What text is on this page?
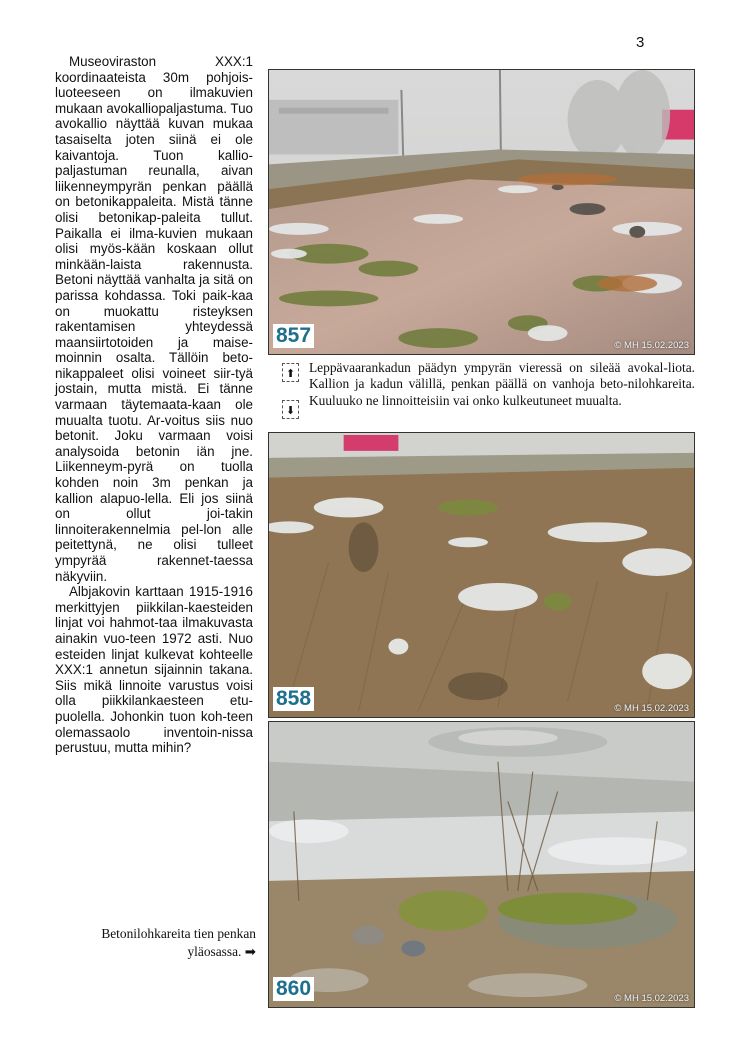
3

Museoviraston XXX:1 koordinaateista 30m pohjois-luoteeseen on ilmakuvien mukaan avokalliopaljastuma. Tuo avokallio näyttää kuvan mukaa tasaiselta joten siinä ei ole kaivantoja. Tuon kallio-paljastuman reunalla, aivan liikenneympyrän penkan päällä on betonikappaleita. Mistä tänne olisi betonikap-paleita tullut. Paikalla ei ilma-kuvien mukaan olisi myös-kään koskaan ollut minkään-laista rakennusta. Betoni näyttää vanhalta ja sitä on parissa kohdassa. Toki paik-kaa on muokattu risteyksen rakentamisen yhteydessä maansiirtotoiden ja maise-moinnin osalta. Tällöin beto-nikappaleet olisi voineet siir-tyä jostain, mutta mistä. Ei tänne varmaan täytemaata-kaan ole muualta tuotu. Ar-voitus siis nuo betonit. Joku varmaan voisi analysoida betonin iän jne. Liikenneym-pyrä on tuolla kohden noin 3m penkan ja kallion alapuo-lella. Eli jos siinä on ollut joi-takin linnoiterakennelmia pel-lon alle peitettynä, ne olisi tulleet ympyrää rakennet-taessa näkyviin.

Albjakovin karttaan 1915-1916 merkittyjen piikkilan-kaesteiden linjat voi hahmot-taa ilmakuvasta ainakin vuo-teen 1972 asti. Nuo esteiden linjat kulkevat kohteelle XXX:1 annetun sijainnin takana. Siis mikä linnoite varustus voisi olla piikkilankaesteen etu-puolella. Johonkin tuon koh-teen olemassaolo inventoin-nissa perustuu, mutta mihin?

857	© MH 15.02.2023
⬆
⬇
Leppävaarankadun päädyn ympyrän vieressä on sileää avokal-liota. Kallion ja kadun välillä, penkan päällä on vanhoja beto-nilohkareita. Kuuluuko ne linnoitteisiin vai onko kulkeutuneet muualta.
858	© MH 15.02.2023
860	© MH 15.02.2023
Betonilohkareita tien penkan
yläosassa. ➡
